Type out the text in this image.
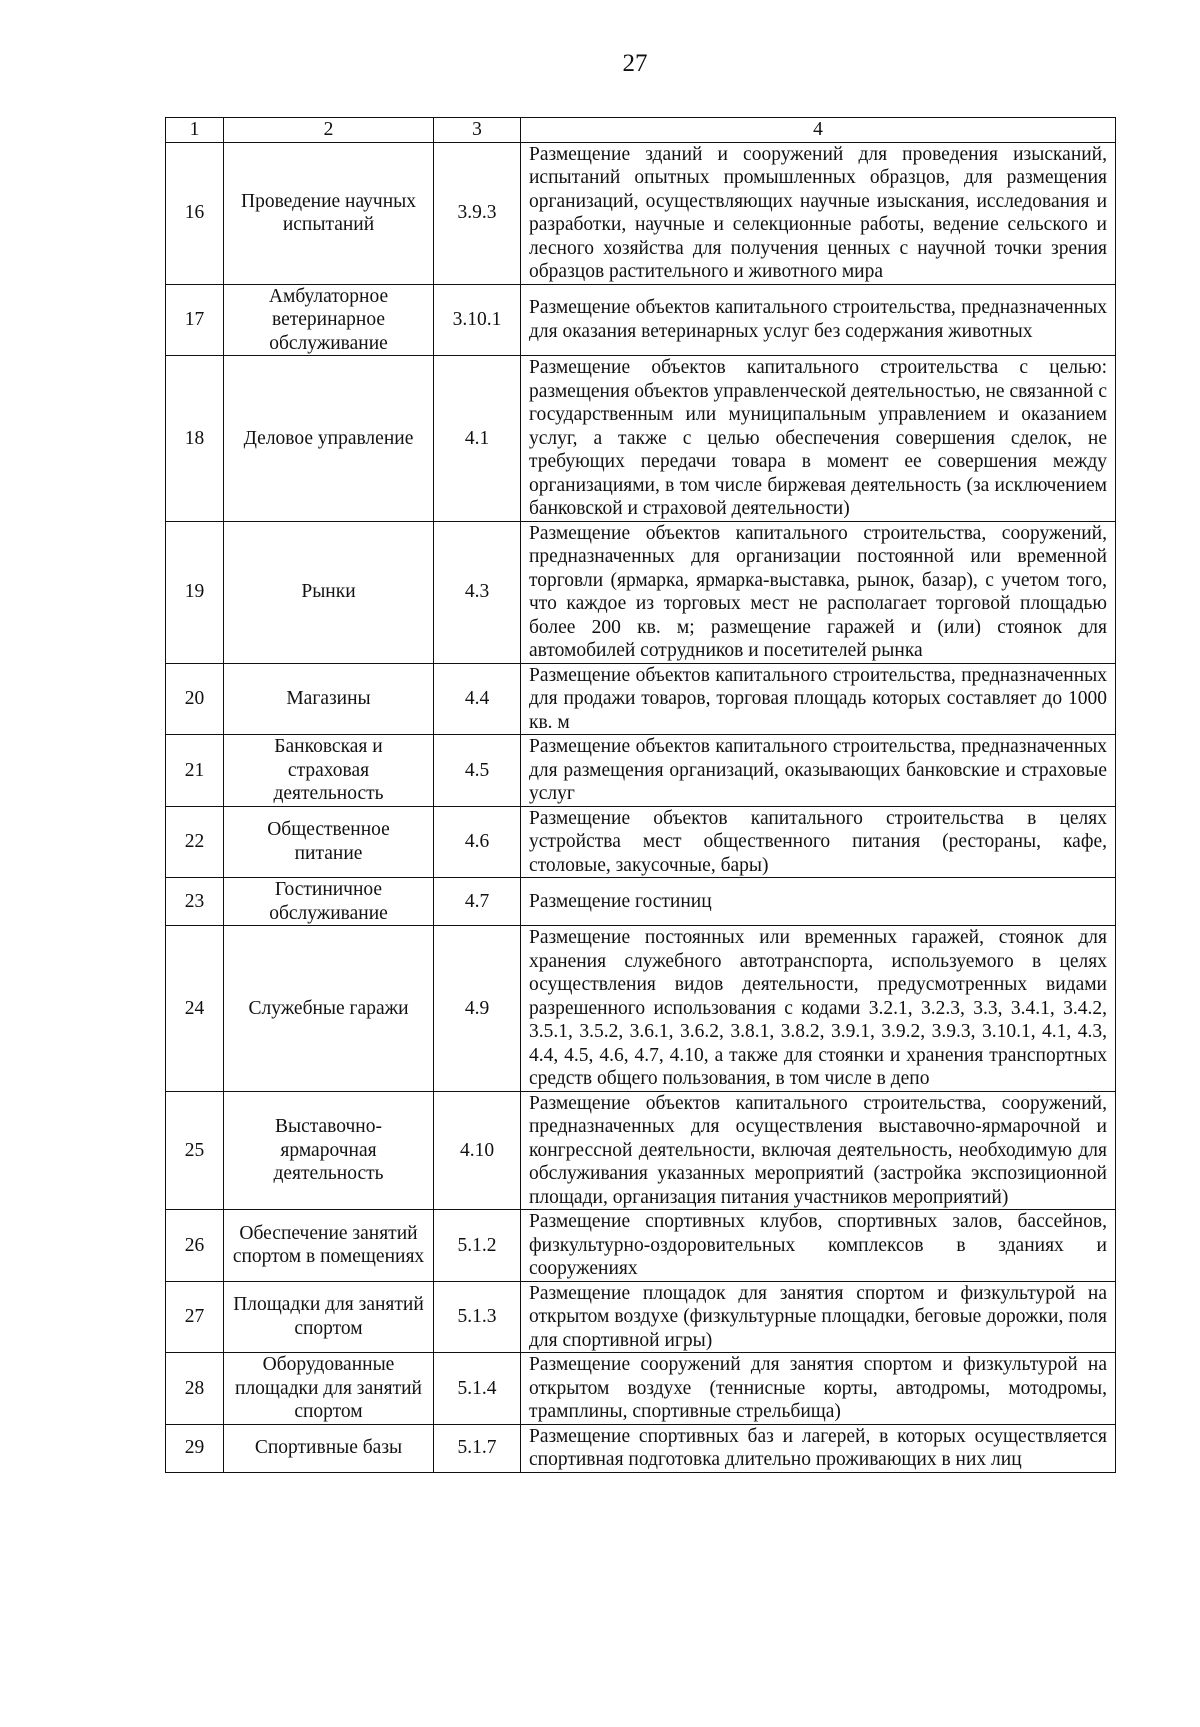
27
1	2	3	4
16	Проведение научных испытаний	3.9.3	Размещение зданий и сооружений для проведения изысканий, испытаний опытных промышленных образцов, для размещения организаций, осуществляющих научные изыскания, исследования и разработки, научные и селекционные работы, ведение сельского и лесного хозяйства для получения ценных с научной точки зрения образцов растительного и животного мира
17	Амбулаторное ветеринарное обслуживание	3.10.1	Размещение объектов капитального строительства, предназначенных для оказания ветеринарных услуг без содержания животных
18	Деловое управление	4.1	Размещение объектов капитального строительства с целью: размещения объектов управленческой деятельностью, не связанной с государственным или муниципальным управлением и оказанием услуг, а также с целью обеспечения совершения сделок, не требующих передачи товара в момент ее совершения между организациями, в том числе биржевая деятельность (за исключением банковской и страховой деятельности)
19	Рынки	4.3	Размещение объектов капитального строительства, сооружений, предназначенных для организации постоянной или временной торговли (ярмарка, ярмарка-выставка, рынок, базар), с учетом того, что каждое из торговых мест не располагает торговой площадью более 200 кв. м; размещение гаражей и (или) стоянок для автомобилей сотрудников и посетителей рынка
20	Магазины	4.4	Размещение объектов капитального строительства, предназначенных для продажи товаров, торговая площадь которых составляет до 1000 кв. м
21	Банковская и страховая деятельность	4.5	Размещение объектов капитального строительства, предназначенных для размещения организаций, оказывающих банковские и страховые услуг
22	Общественное питание	4.6	Размещение объектов капитального строительства в целях устройства мест общественного питания (рестораны, кафе, столовые, закусочные, бары)
23	Гостиничное обслуживание	4.7	Размещение гостиниц
24	Служебные гаражи	4.9	Размещение постоянных или временных гаражей, стоянок для хранения служебного автотранспорта, используемого в целях осуществления видов деятельности, предусмотренных видами разрешенного использования с кодами 3.2.1, 3.2.3, 3.3, 3.4.1, 3.4.2, 3.5.1, 3.5.2, 3.6.1, 3.6.2, 3.8.1, 3.8.2, 3.9.1, 3.9.2, 3.9.3, 3.10.1, 4.1, 4.3, 4.4, 4.5, 4.6, 4.7, 4.10, а также для стоянки и хранения транспортных средств общего пользования, в том числе в депо
25	Выставочно-ярмарочная деятельность	4.10	Размещение объектов капитального строительства, сооружений, предназначенных для осуществления выставочно-ярмарочной и конгрессной деятельности, включая деятельность, необходимую для обслуживания указанных мероприятий (застройка экспозиционной площади, организация питания участников мероприятий)
26	Обеспечение занятий спортом в помещениях	5.1.2	Размещение спортивных клубов, спортивных залов, бассейнов, физкультурно-оздоровительных комплексов в зданиях и сооружениях
27	Площадки для занятий спортом	5.1.3	Размещение площадок для занятия спортом и физкультурой на открытом воздухе (физкультурные площадки, беговые дорожки, поля для спортивной игры)
28	Оборудованные площадки для занятий спортом	5.1.4	Размещение сооружений для занятия спортом и физкультурой на открытом воздухе (теннисные корты, автодромы, мотодромы, трамплины, спортивные стрельбища)
29	Спортивные базы	5.1.7	Размещение спортивных баз и лагерей, в которых осуществляется спортивная подготовка длительно проживающих в них лиц
